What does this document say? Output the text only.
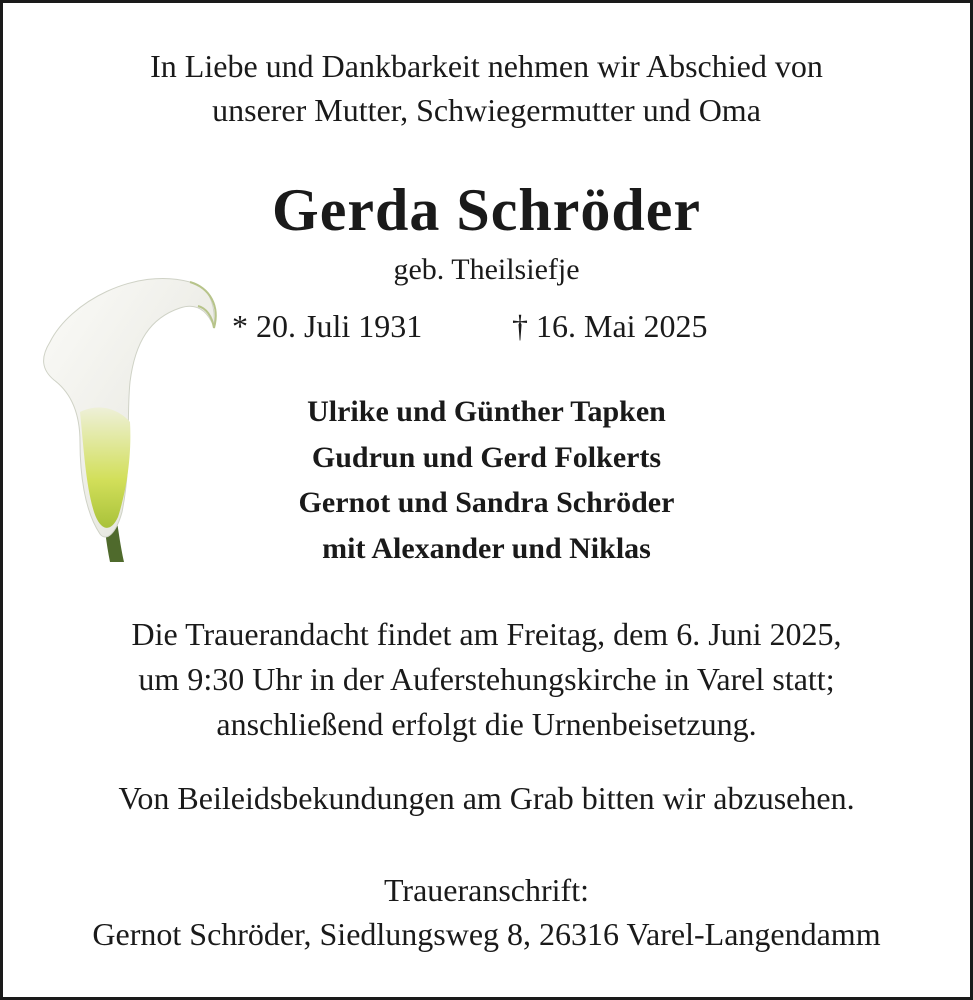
In Liebe und Dankbarkeit nehmen wir Abschied von
unserer Mutter, Schwiegermutter und Oma
Gerda Schröder
geb. Theilsiefje
* 20. Juli 1931	† 16. Mai 2025
Ulrike und Günther Tapken
Gudrun und Gerd Folkerts
Gernot und Sandra Schröder
mit Alexander und Niklas
Die Trauerandacht findet am Freitag, dem 6. Juni 2025,
um 9:30 Uhr in der Auferstehungskirche in Varel statt;
anschließend erfolgt die Urnenbeisetzung.
Von Beileidsbekundungen am Grab bitten wir abzusehen.
Traueranschrift:
Gernot Schröder, Siedlungsweg 8, 26316 Varel-Langendamm
